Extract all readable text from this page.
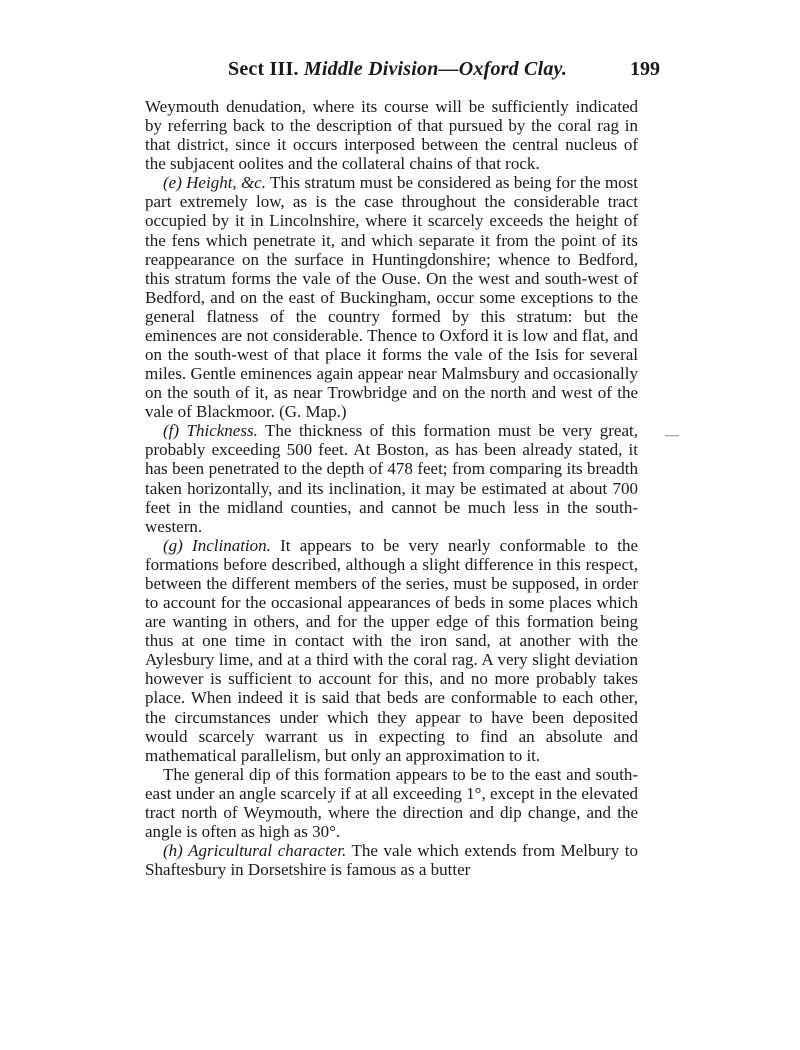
Sect III. Middle Division—Oxford Clay.	199

Weymouth denudation, where its course will be sufficiently indicated by referring back to the description of that pursued by the coral rag in that district, since it occurs interposed between the central nucleus of the subjacent oolites and the collateral chains of that rock.

(e) Height, &c. This stratum must be considered as being for the most part extremely low, as is the case throughout the considerable tract occupied by it in Lincolnshire, where it scarcely exceeds the height of the fens which penetrate it, and which separate it from the point of its reappearance on the surface in Huntingdonshire; whence to Bedford, this stratum forms the vale of the Ouse. On the west and south-west of Bedford, and on the east of Buckingham, occur some exceptions to the general flatness of the country formed by this stratum: but the eminences are not considerable. Thence to Oxford it is low and flat, and on the south-west of that place it forms the vale of the Isis for several miles. Gentle eminences again appear near Malmsbury and occasionally on the south of it, as near Trowbridge and on the north and west of the vale of Blackmoor. (G. Map.)

(f) Thickness. The thickness of this formation must be very great, probably exceeding 500 feet. At Boston, as has been already stated, it has been penetrated to the depth of 478 feet; from comparing its breadth taken horizontally, and its inclination, it may be estimated at about 700 feet in the midland counties, and cannot be much less in the south-western.

(g) Inclination. It appears to be very nearly conformable to the formations before described, although a slight difference in this respect, between the different members of the series, must be supposed, in order to account for the occasional appearances of beds in some places which are wanting in others, and for the upper edge of this formation being thus at one time in contact with the iron sand, at another with the Aylesbury lime, and at a third with the coral rag. A very slight deviation however is sufficient to account for this, and no more probably takes place. When indeed it is said that beds are conformable to each other, the circumstances under which they appear to have been deposited would scarcely warrant us in expecting to find an absolute and mathematical parallelism, but only an approximation to it.

The general dip of this formation appears to be to the east and south-east under an angle scarcely if at all exceeding 1°, except in the elevated tract north of Weymouth, where the direction and dip change, and the angle is often as high as 30°.

(h) Agricultural character. The vale which extends from Melbury to Shaftesbury in Dorsetshire is famous as a butter

—
